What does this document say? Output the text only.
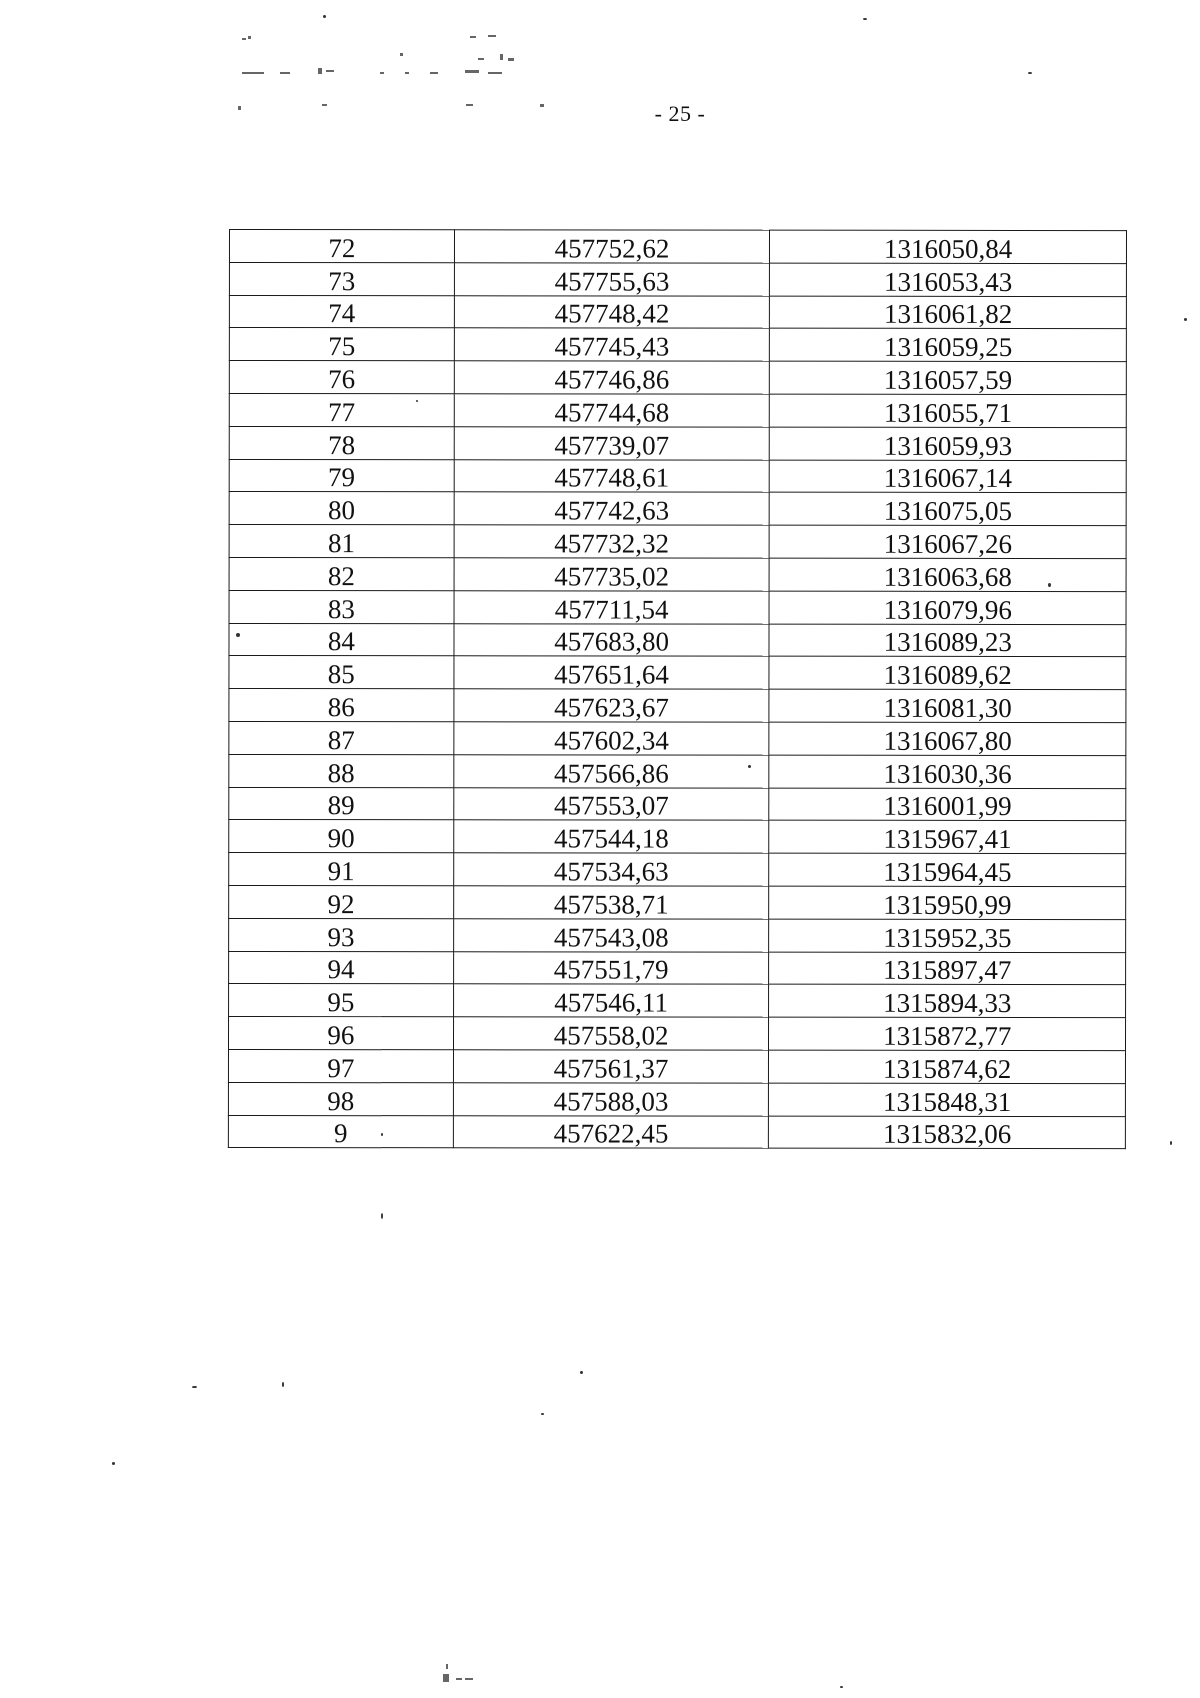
- 25 -
72	457752,62	1316050,84
73	457755,63	1316053,43
74	457748,42	1316061,82
75	457745,43	1316059,25
76	457746,86	1316057,59
77	457744,68	1316055,71
78	457739,07	1316059,93
79	457748,61	1316067,14
80	457742,63	1316075,05
81	457732,32	1316067,26
82	457735,02	1316063,68
83	457711,54	1316079,96
84	457683,80	1316089,23
85	457651,64	1316089,62
86	457623,67	1316081,30
87	457602,34	1316067,80
88	457566,86	1316030,36
89	457553,07	1316001,99
90	457544,18	1315967,41
91	457534,63	1315964,45
92	457538,71	1315950,99
93	457543,08	1315952,35
94	457551,79	1315897,47
95	457546,11	1315894,33
96	457558,02	1315872,77
97	457561,37	1315874,62
98	457588,03	1315848,31
9	457622,45	1315832,06
